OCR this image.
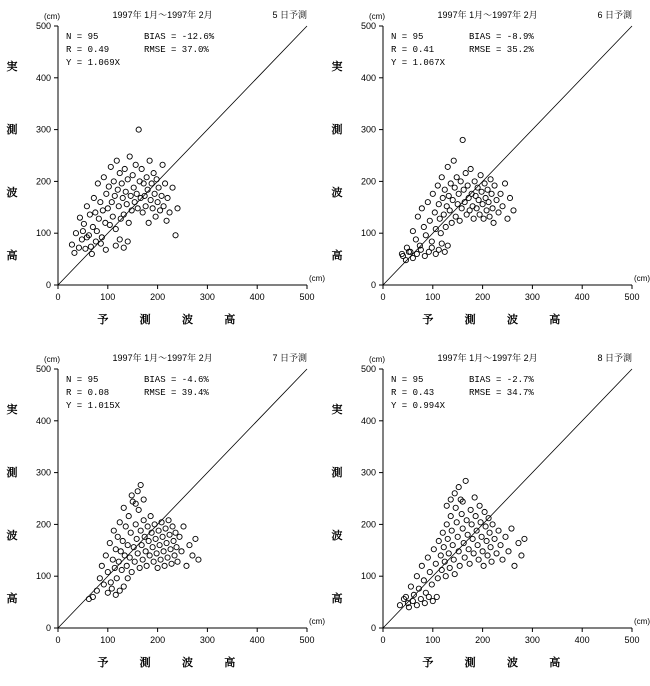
0
0
100
100
200
200
300
300
400
400
500
500
(cm)
(cm)
1997年 1月～1997年 2月	5 日予測
N = 95	BIAS = -12.6%
R = 0.49	RMSE = 37.0%
Y = 1.069X
実
測
波
高
予	測	波	高
0
0
100
100
200
200
300
300
400
400
500
500
(cm)
(cm)
1997年 1月～1997年 2月	6 日予測
N = 95	BIAS = -8.9%
R = 0.41	RMSE = 35.2%
Y = 1.067X
実
測
波
高
予	測	波	高
0
0
100
100
200
200
300
300
400
400
500
500
(cm)
(cm)
1997年 1月～1997年 2月	7 日予測
N = 95	BIAS = -4.6%
R = 0.08	RMSE = 39.4%
Y = 1.015X
実
測
波
高
予	測	波	高
0
0
100
100
200
200
300
300
400
400
500
500
(cm)
(cm)
1997年 1月～1997年 2月	8 日予測
N = 95	BIAS = -2.7%
R = 0.43	RMSE = 34.7%
Y = 0.994X
実
測
波
高
予	測	波	高
